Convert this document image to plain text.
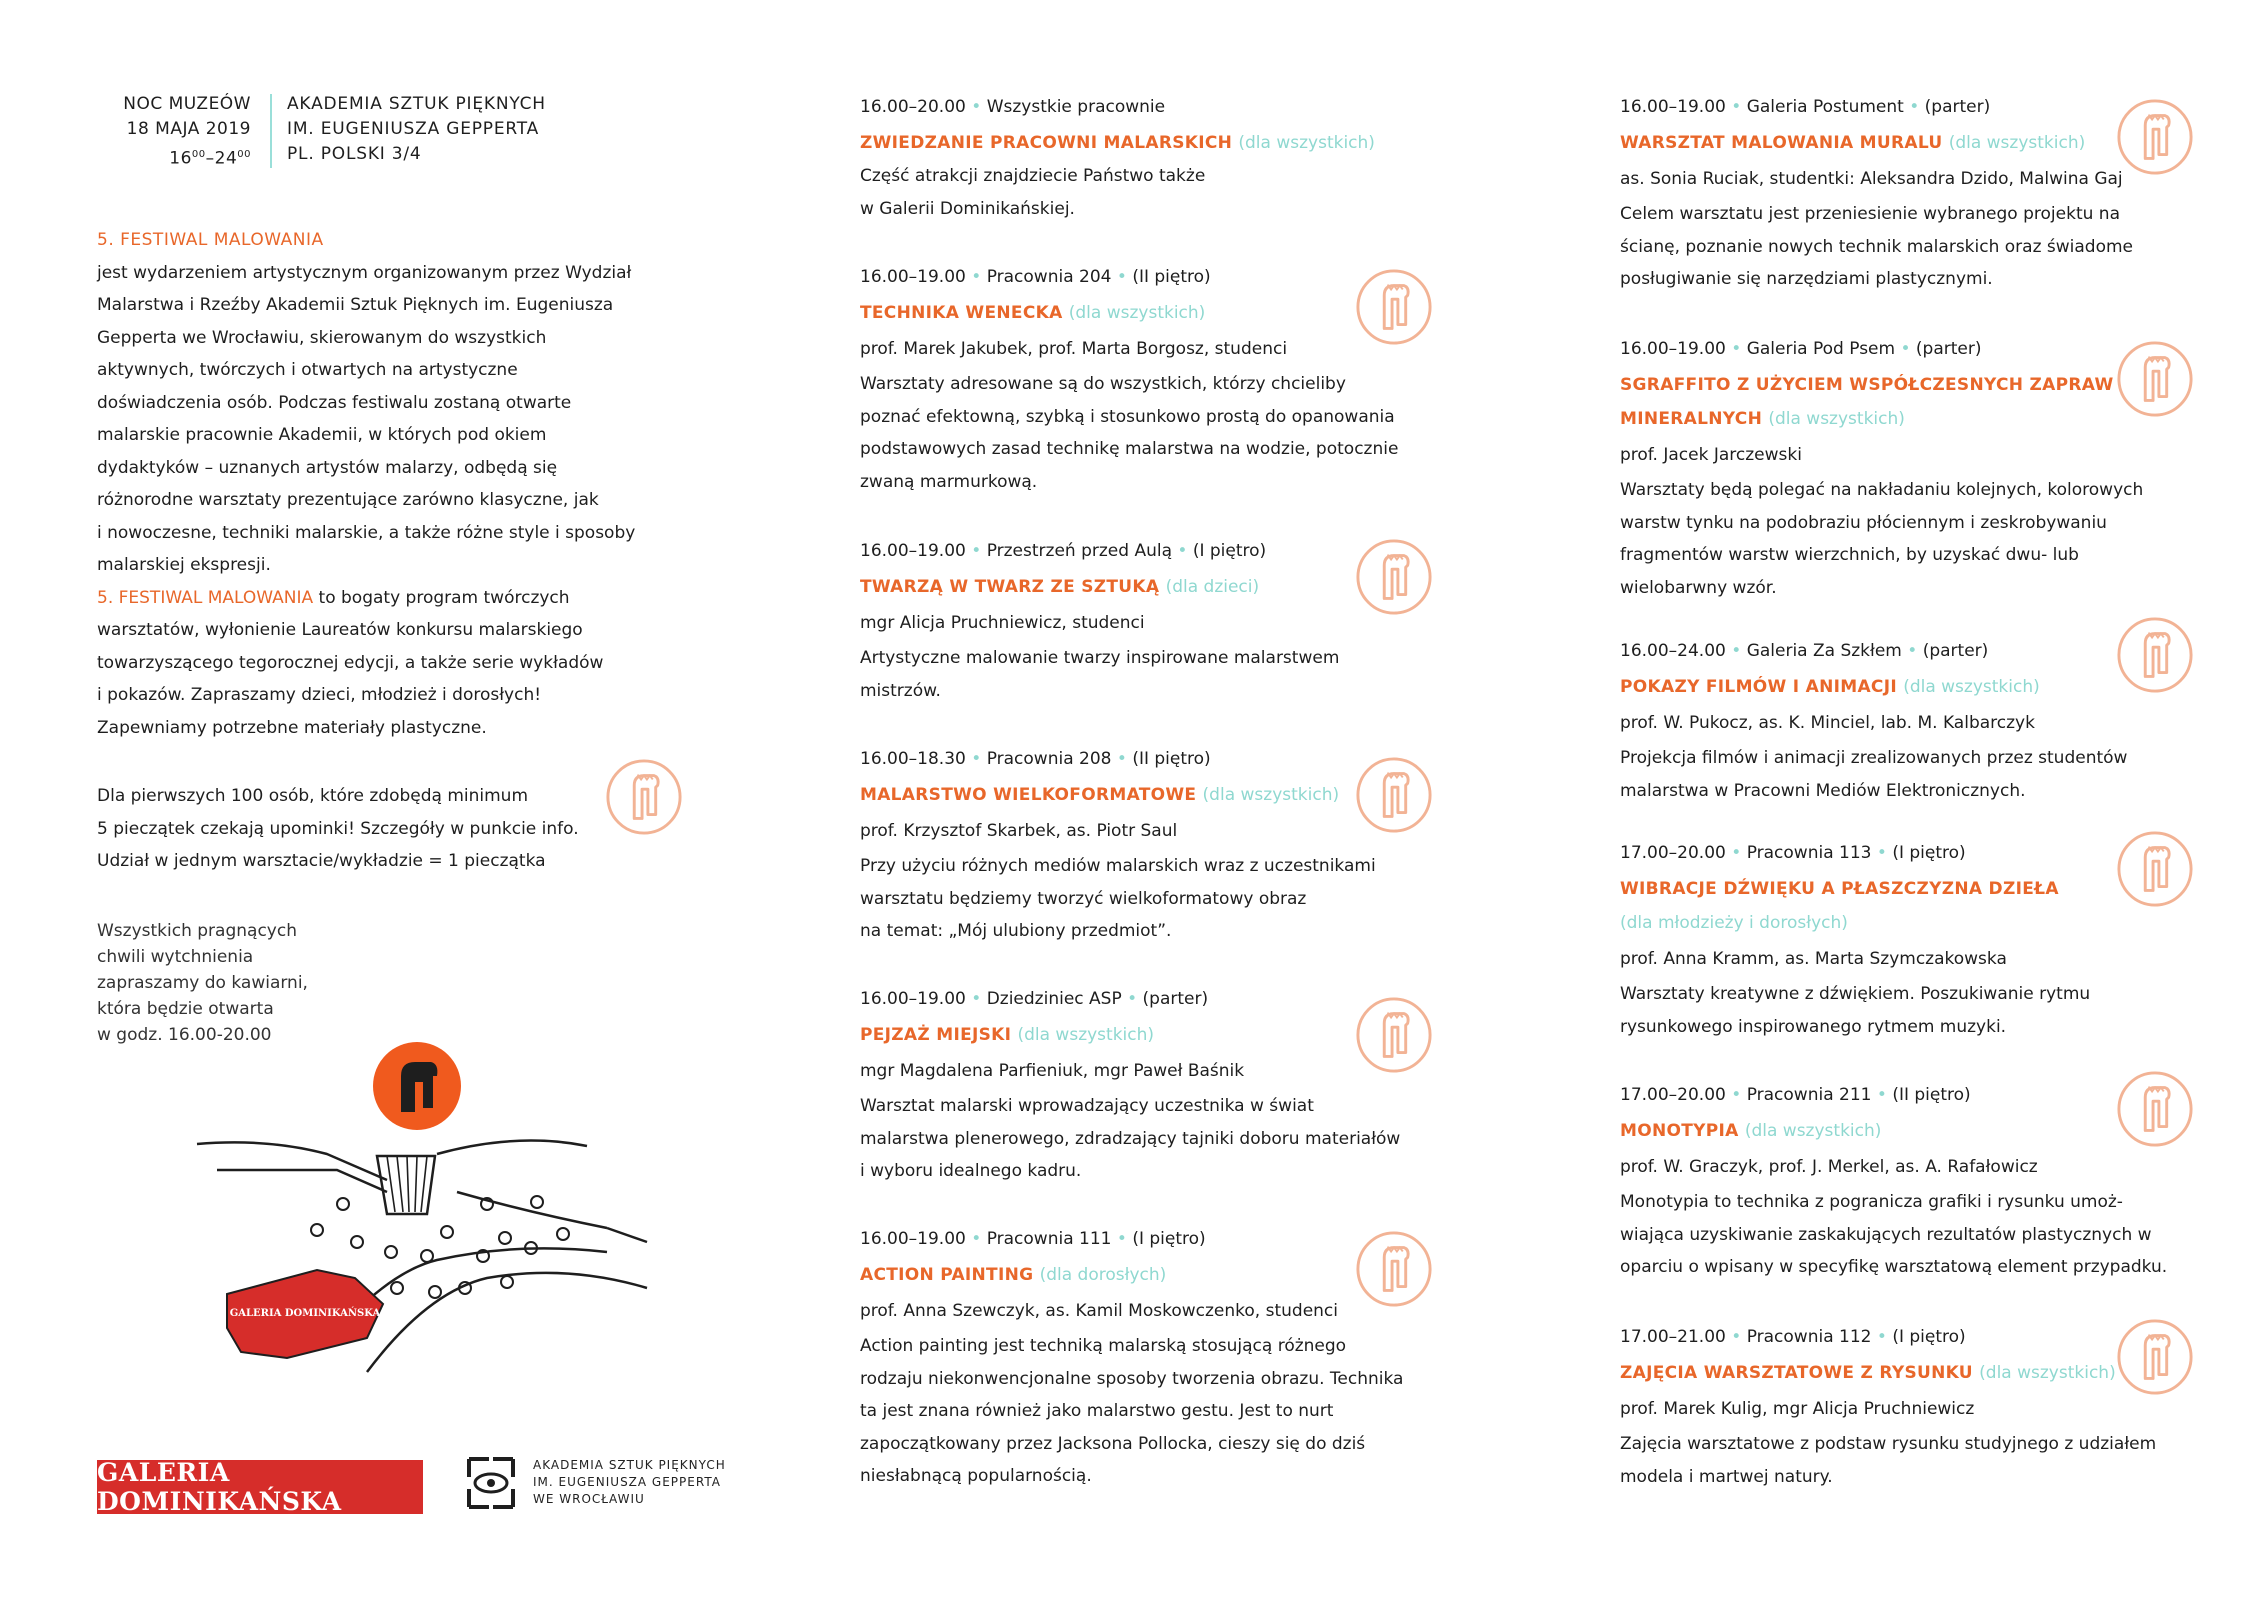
NOC MUZEÓW
18 MAJA 2019
$16^{00}-24^{00}$
AKADEMIA SZTUK PIĘKNYCH
IM. EUGENIUSZA GEPPERTA
PL. POLSKI 3/4

5. FESTIWAL MALOWANIA

jest wydarzeniem artystycznym organizowanym przez Wydział

Malarstwa i Rzeźby Akademii Sztuk Pięknych im. Eugeniusza

Gepperta we Wrocławiu, skierowanym do wszystkich

aktywnych, twórczych i otwartych na artystyczne

doświadczenia osób. Podczas festiwalu zostaną otwarte

malarskie pracownie Akademii, w których pod okiem

dydaktyków – uznanych artystów malarzy, odbędą się

różnorodne warsztaty prezentujące zarówno klasyczne, jak

i nowoczesne, techniki malarskie, a także różne style i sposoby

malarskiej ekspresji.

5. FESTIWAL MALOWANIA to bogaty program twórczych

warsztatów, wyłonienie Laureatów konkursu malarskiego

towarzyszącego tegorocznej edycji, a także serie wykładów

i pokazów. Zapraszamy dzieci, młodzież i dorosłych!

Zapewniamy potrzebne materiały plastyczne.

Dla pierwszych 100 osób, które zdobędą minimum

5 pieczątek czekają upominki! Szczegóły w punkcie info.

Udział w jednym warsztacie/wykładzie = 1 pieczątka

Wszystkich pragnących

chwili wytchnienia

zapraszamy do kawiarni,

która będzie otwarta

w godz. 16.00-20.00

GALERIA DOMINIKAŃSKA
GALERIA DOMINIKAŃSKA
AKADEMIA SZTUK PIĘKNYCH
IM. EUGENIUSZA GEPPERTA
WE WROCŁAWIU
16.00–20.00 • Wszystkie pracownie
ZWIEDZANIE PRACOWNI MALARSKICH (dla wszystkich)

Część atrakcji znajdziecie Państwo także

w Galerii Dominikańskiej.

16.00–19.00 • Pracownia 204 • (II piętro)
TECHNIKA WENECKA (dla wszystkich)
prof. Marek Jakubek, prof. Marta Borgosz, studenci

Warsztaty adresowane są do wszystkich, którzy chcieliby

poznać efektowną, szybką i stosunkowo prostą do opanowania

podstawowych zasad technikę malarstwa na wodzie, potocznie

zwaną marmurkową.

16.00–19.00 • Przestrzeń przed Aulą • (I piętro)
TWARZĄ W TWARZ ZE SZTUKĄ (dla dzieci)
mgr Alicja Pruchniewicz, studenci

Artystyczne malowanie twarzy inspirowane malarstwem

mistrzów.

16.00–18.30 • Pracownia 208 • (II piętro)
MALARSTWO WIELKOFORMATOWE (dla wszystkich)
prof. Krzysztof Skarbek, as. Piotr Saul

Przy użyciu różnych mediów malarskich wraz z uczestnikami

warsztatu będziemy tworzyć wielkoformatowy obraz

na temat: „Mój ulubiony przedmiot”.

16.00–19.00 • Dziedziniec ASP • (parter)
PEJZAŻ MIEJSKI (dla wszystkich)
mgr Magdalena Parfieniuk, mgr Paweł Baśnik

Warsztat malarski wprowadzający uczestnika w świat

malarstwa plenerowego, zdradzający tajniki doboru materiałów

i wyboru idealnego kadru.

16.00–19.00 • Pracownia 111 • (I piętro)
ACTION PAINTING (dla dorosłych)
prof. Anna Szewczyk, as. Kamil Moskowczenko, studenci

Action painting jest techniką malarską stosującą różnego

rodzaju niekonwencjonalne sposoby tworzenia obrazu. Technika

ta jest znana również jako malarstwo gestu. Jest to nurt

zapoczątkowany przez Jacksona Pollocka, cieszy się do dziś

niesłabnącą popularnością.

16.00–19.00 • Galeria Postument • (parter)
WARSZTAT MALOWANIA MURALU (dla wszystkich)
as. Sonia Ruciak, studentki: Aleksandra Dzido, Malwina Gaj

Celem warsztatu jest przeniesienie wybranego projektu na

ścianę, poznanie nowych technik malarskich oraz świadome

posługiwanie się narzędziami plastycznymi.

16.00–19.00 • Galeria Pod Psem • (parter)
SGRAFFITO Z UŻYCIEM WSPÓŁCZESNYCH ZAPRAW
MINERALNYCH (dla wszystkich)
prof. Jacek Jarczewski

Warsztaty będą polegać na nakładaniu kolejnych, kolorowych

warstw tynku na podobraziu płóciennym i zeskrobywaniu

fragmentów warstw wierzchnich, by uzyskać dwu- lub

wielobarwny wzór.

16.00–24.00 • Galeria Za Szkłem • (parter)
POKAZY FILMÓW I ANIMACJI (dla wszystkich)
prof. W. Pukocz, as. K. Minciel, lab. M. Kalbarczyk

Projekcja filmów i animacji zrealizowanych przez studentów

malarstwa w Pracowni Mediów Elektronicznych.

17.00–20.00 • Pracownia 113 • (I piętro)
WIBRACJE DŹWIĘKU A PŁASZCZYZNA DZIEŁA
(dla młodzieży i dorosłych)
prof. Anna Kramm, as. Marta Szymczakowska

Warsztaty kreatywne z dźwiękiem. Poszukiwanie rytmu

rysunkowego inspirowanego rytmem muzyki.

17.00–20.00 • Pracownia 211 • (II piętro)
MONOTYPIA (dla wszystkich)
prof. W. Graczyk, prof. J. Merkel, as. A. Rafałowicz

Monotypia to technika z pogranicza grafiki i rysunku umoż-

wiająca uzyskiwanie zaskakujących rezultatów plastycznych w

oparciu o wpisany w specyfikę warsztatową element przypadku.

17.00–21.00 • Pracownia 112 • (I piętro)
ZAJĘCIA WARSZTATOWE Z RYSUNKU (dla wszystkich)
prof. Marek Kulig, mgr Alicja Pruchniewicz

Zajęcia warsztatowe z podstaw rysunku studyjnego z udziałem

modela i martwej natury.
